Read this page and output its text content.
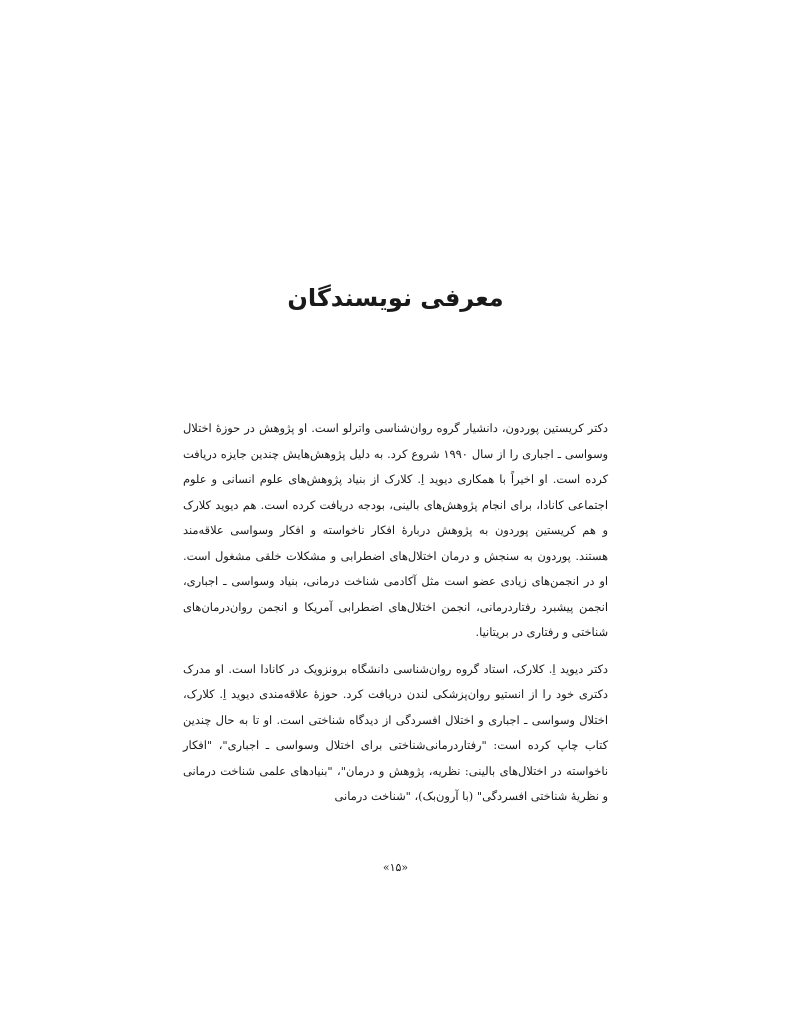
معرفی نویسندگان

دکتر کریستین پوردون، دانشیار گروه روان‌شناسی واترلو است. او پژوهش در حوزهٔ اختلال وسواسی ـ اجباری را از سال ۱۹۹۰ شروع کرد. به دلیل پژوهش‌هایش چندین جایزه دریافت کرده است. او اخیراً با همکاری دیوید اِ. کلارک از بنیاد پژوهش‌های علوم انسانی و علوم اجتماعی کانادا، برای انجام پژوهش‌های بالینی، بودجه دریافت کرده است. هم دیوید کلارک و هم کریستین پوردون به پژوهش دربارهٔ افکار ناخواسته و افکار وسواسی علاقه‌مند هستند. پوردون به سنجش و درمان اختلال‌های اضطرابی و مشکلات خلقی مشغول است. او در انجمن‌های زیادی عضو است مثل آکادمی شناخت درمانی، بنیاد وسواسی ـ اجباری، انجمن پیشبرد رفتاردرمانی، انجمن اختلال‌های اضطرابی آمریکا و انجمن روان‌درمان‌های شناختی و رفتاری در بریتانیا.

دکتر دیوید اِ. کلارک، استاد گروه روان‌شناسی دانشگاه برونزویک در کانادا است. او مدرک دکتری خود را از انستیو روان‌پزشکی لندن دریافت کرد. حوزهٔ علاقه‌مندی دیوید اِ. کلارک، اختلال وسواسی ـ اجباری و اختلال افسردگی از دیدگاه شناختی است. او تا به حال چندین کتاب چاپ کرده است: "رفتاردرمانی‌شناختی برای اختلال وسواسی ـ اجباری"، "افکار ناخواسته در اختلال‌های بالینی: نظریه، پژوهش و درمان"، "بنیادهای علمی شناخت درمانی و نظریهٔ شناختی افسردگی" (با آرون‌بک)، "شناخت درمانی

«۱۵»
